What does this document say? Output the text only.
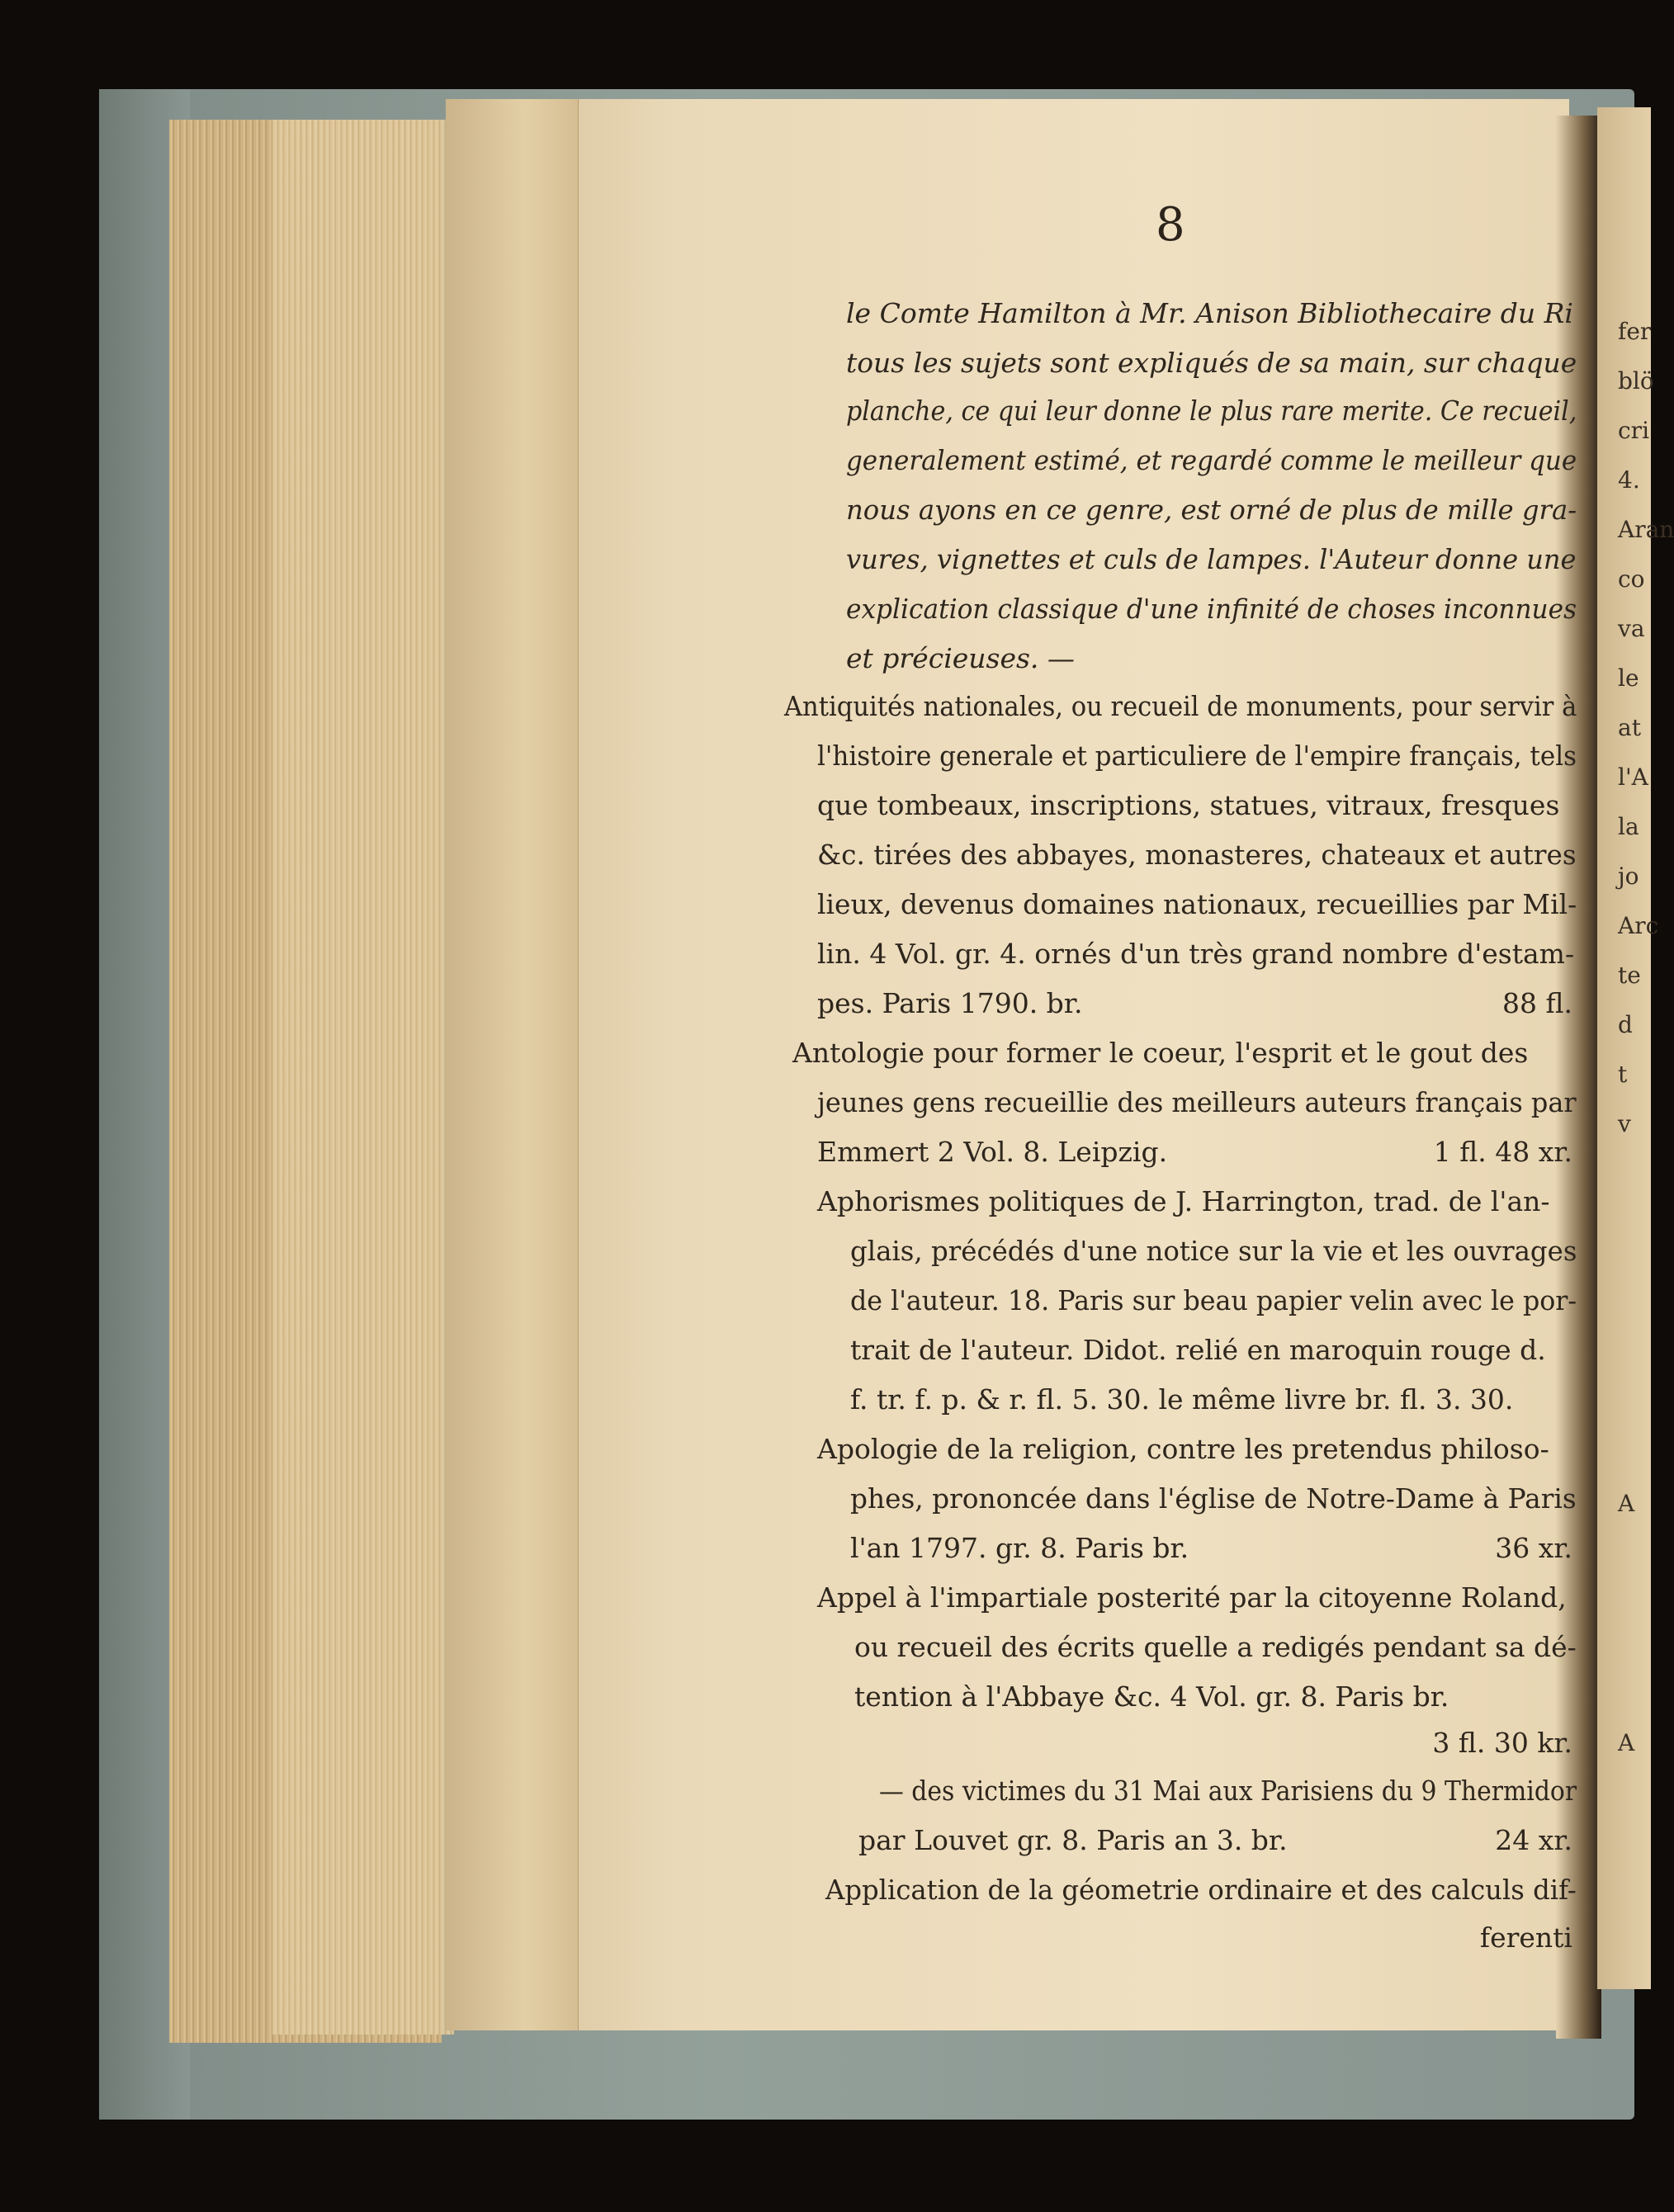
8
le Comte Hamilton à Mr. Anison Bibliothecaire du Ri
tous les sujets sont expliqués de sa main, sur chaque
planche, ce qui leur donne le plus rare merite. Ce recueil,
generalement estimé, et regardé comme le meilleur que
nous ayons en ce genre, est orné de plus de mille gra-
vures, vignettes et culs de lampes. l'Auteur donne une
explication classique d'une infinité de choses inconnues
et précieuses. —
Antiquités nationales, ou recueil de monuments, pour servir à
l'histoire generale et particuliere de l'empire français, tels
que tombeaux, inscriptions, statues, vitraux, fresques
&c. tirées des abbayes, monasteres, chateaux et autres
lieux, devenus domaines nationaux, recueillies par Mil-
lin. 4 Vol. gr. 4. ornés d'un très grand nombre d'estam-
pes. Paris 1790. br.	88 fl.
Antologie pour former le coeur, l'esprit et le gout des
jeunes gens recueillie des meilleurs auteurs français par
Emmert 2 Vol. 8. Leipzig.	1 fl. 48 xr.
Aphorismes politiques de J. Harrington, trad. de l'an-
glais, précédés d'une notice sur la vie et les ouvrages
de l'auteur. 18. Paris sur beau papier velin avec le por-
trait de l'auteur. Didot. relié en maroquin rouge d.
f. tr. f. p. & r. fl. 5. 30. le même livre br. fl. 3. 30.
Apologie de la religion, contre les pretendus philoso-
phes, prononcée dans l'église de Notre-Dame à Paris
l'an 1797. gr. 8. Paris br.	36 xr.
Appel à l'impartiale posterité par la citoyenne Roland,
ou recueil des écrits quelle a redigés pendant sa dé-
tention à l'Abbaye &c. 4 Vol. gr. 8. Paris br.
3 fl. 30 kr.
— des victimes du 31 Mai aux Parisiens du 9 Thermidor
par Louvet gr. 8. Paris an 3. br.	24 xr.
Application de la géometrie ordinaire et des calculs dif-
ferenti
fer
blö
cri
4.
Aran
co
va
le
at
l'A
la
jo
Arc
te
d
t
v
A
A
